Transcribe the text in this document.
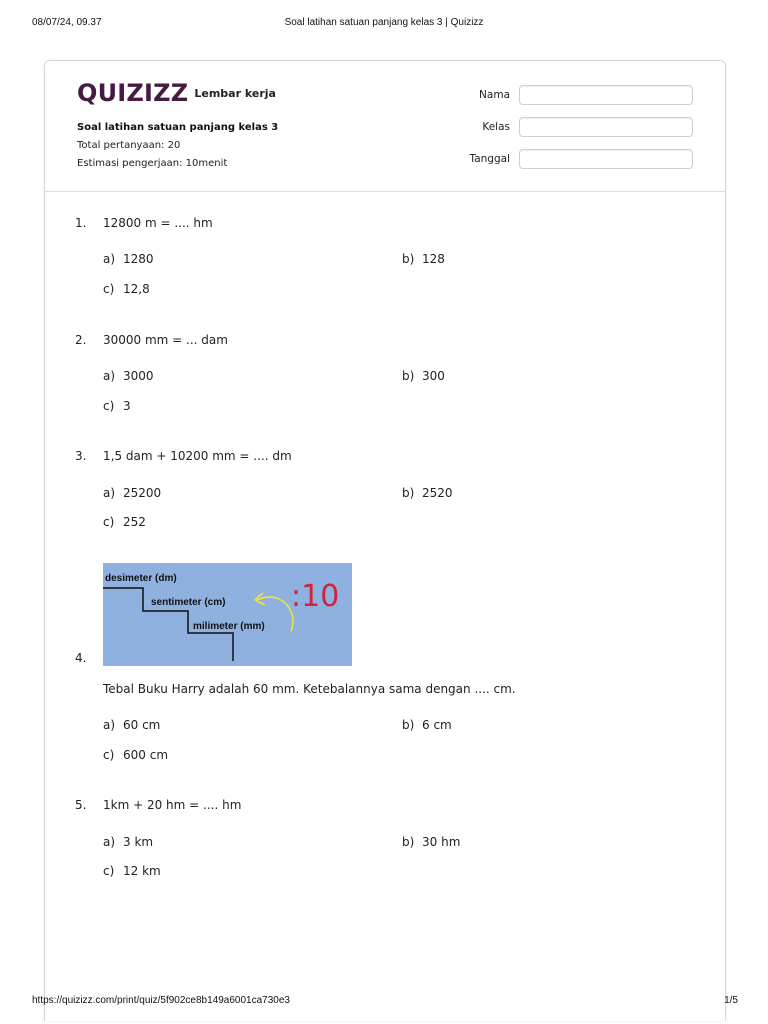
08/07/24, 09.37	Soal latihan satuan panjang kelas 3 | Quizizz
QUIZIZZ Lembar kerja
Soal latihan satuan panjang kelas 3
Total pertanyaan: 20
Estimasi pengerjaan: 10menit
Nama
Kelas
Tanggal
1. 12800 m = .... hm
a) 1280	b) 128
c) 12,8
2. 30000 mm = ... dam
a) 3000	b) 300
c) 3
3. 1,5 dam + 10200 mm = .... dm
a) 25200	b) 2520
c) 252
desimeter (dm)
sentimeter (cm)
milimeter (mm)
:10
4.
Tebal Buku Harry adalah 60 mm. Ketebalannya sama dengan .... cm.
a) 60 cm	b) 6 cm
c) 600 cm
5. 1km + 20 hm = .... hm
a) 3 km	b) 30 hm
c) 12 km
https://quizizz.com/print/quiz/5f902ce8b149a6001ca730e3	1/5
